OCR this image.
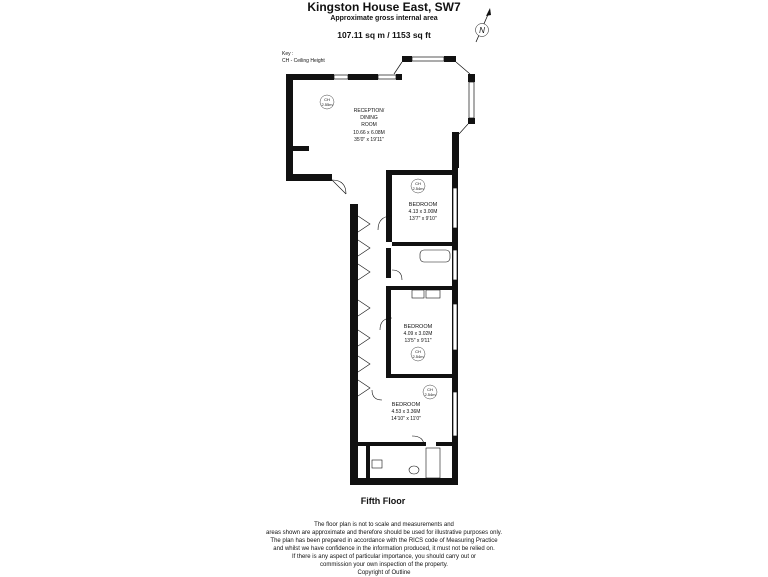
Kingston House East, SW7
Approximate gross internal area
107.11 sq m / 1153 sq ft
Key :
CH - Ceiling Height
N
CH
2.55m
RECEPTION/
DINING
ROOM
10.66 x 6.08M
35'0" x 19'11"
CH
2.54m
BEDROOM
4.13 x 3.00M
13'7" x 9'10"
BEDROOM
4.09 x 3.02M
13'5" x 9'11"
CH
2.54m
CH
2.54m
BEDROOM
4.53 x 3.36M
14'10" x 11'0"
Fifth Floor
The floor plan is not to scale and measurements and
areas shown are approximate and therefore should be used for illustrative purposes only.
The plan has been prepared in accordance with the RICS code of Measuring Practice
and whilst we have confidence in the information produced, it must not be relied on.
If there is any aspect of particular importance, you should carry out or
commission your own inspection of the property.
Copyright of Outline
